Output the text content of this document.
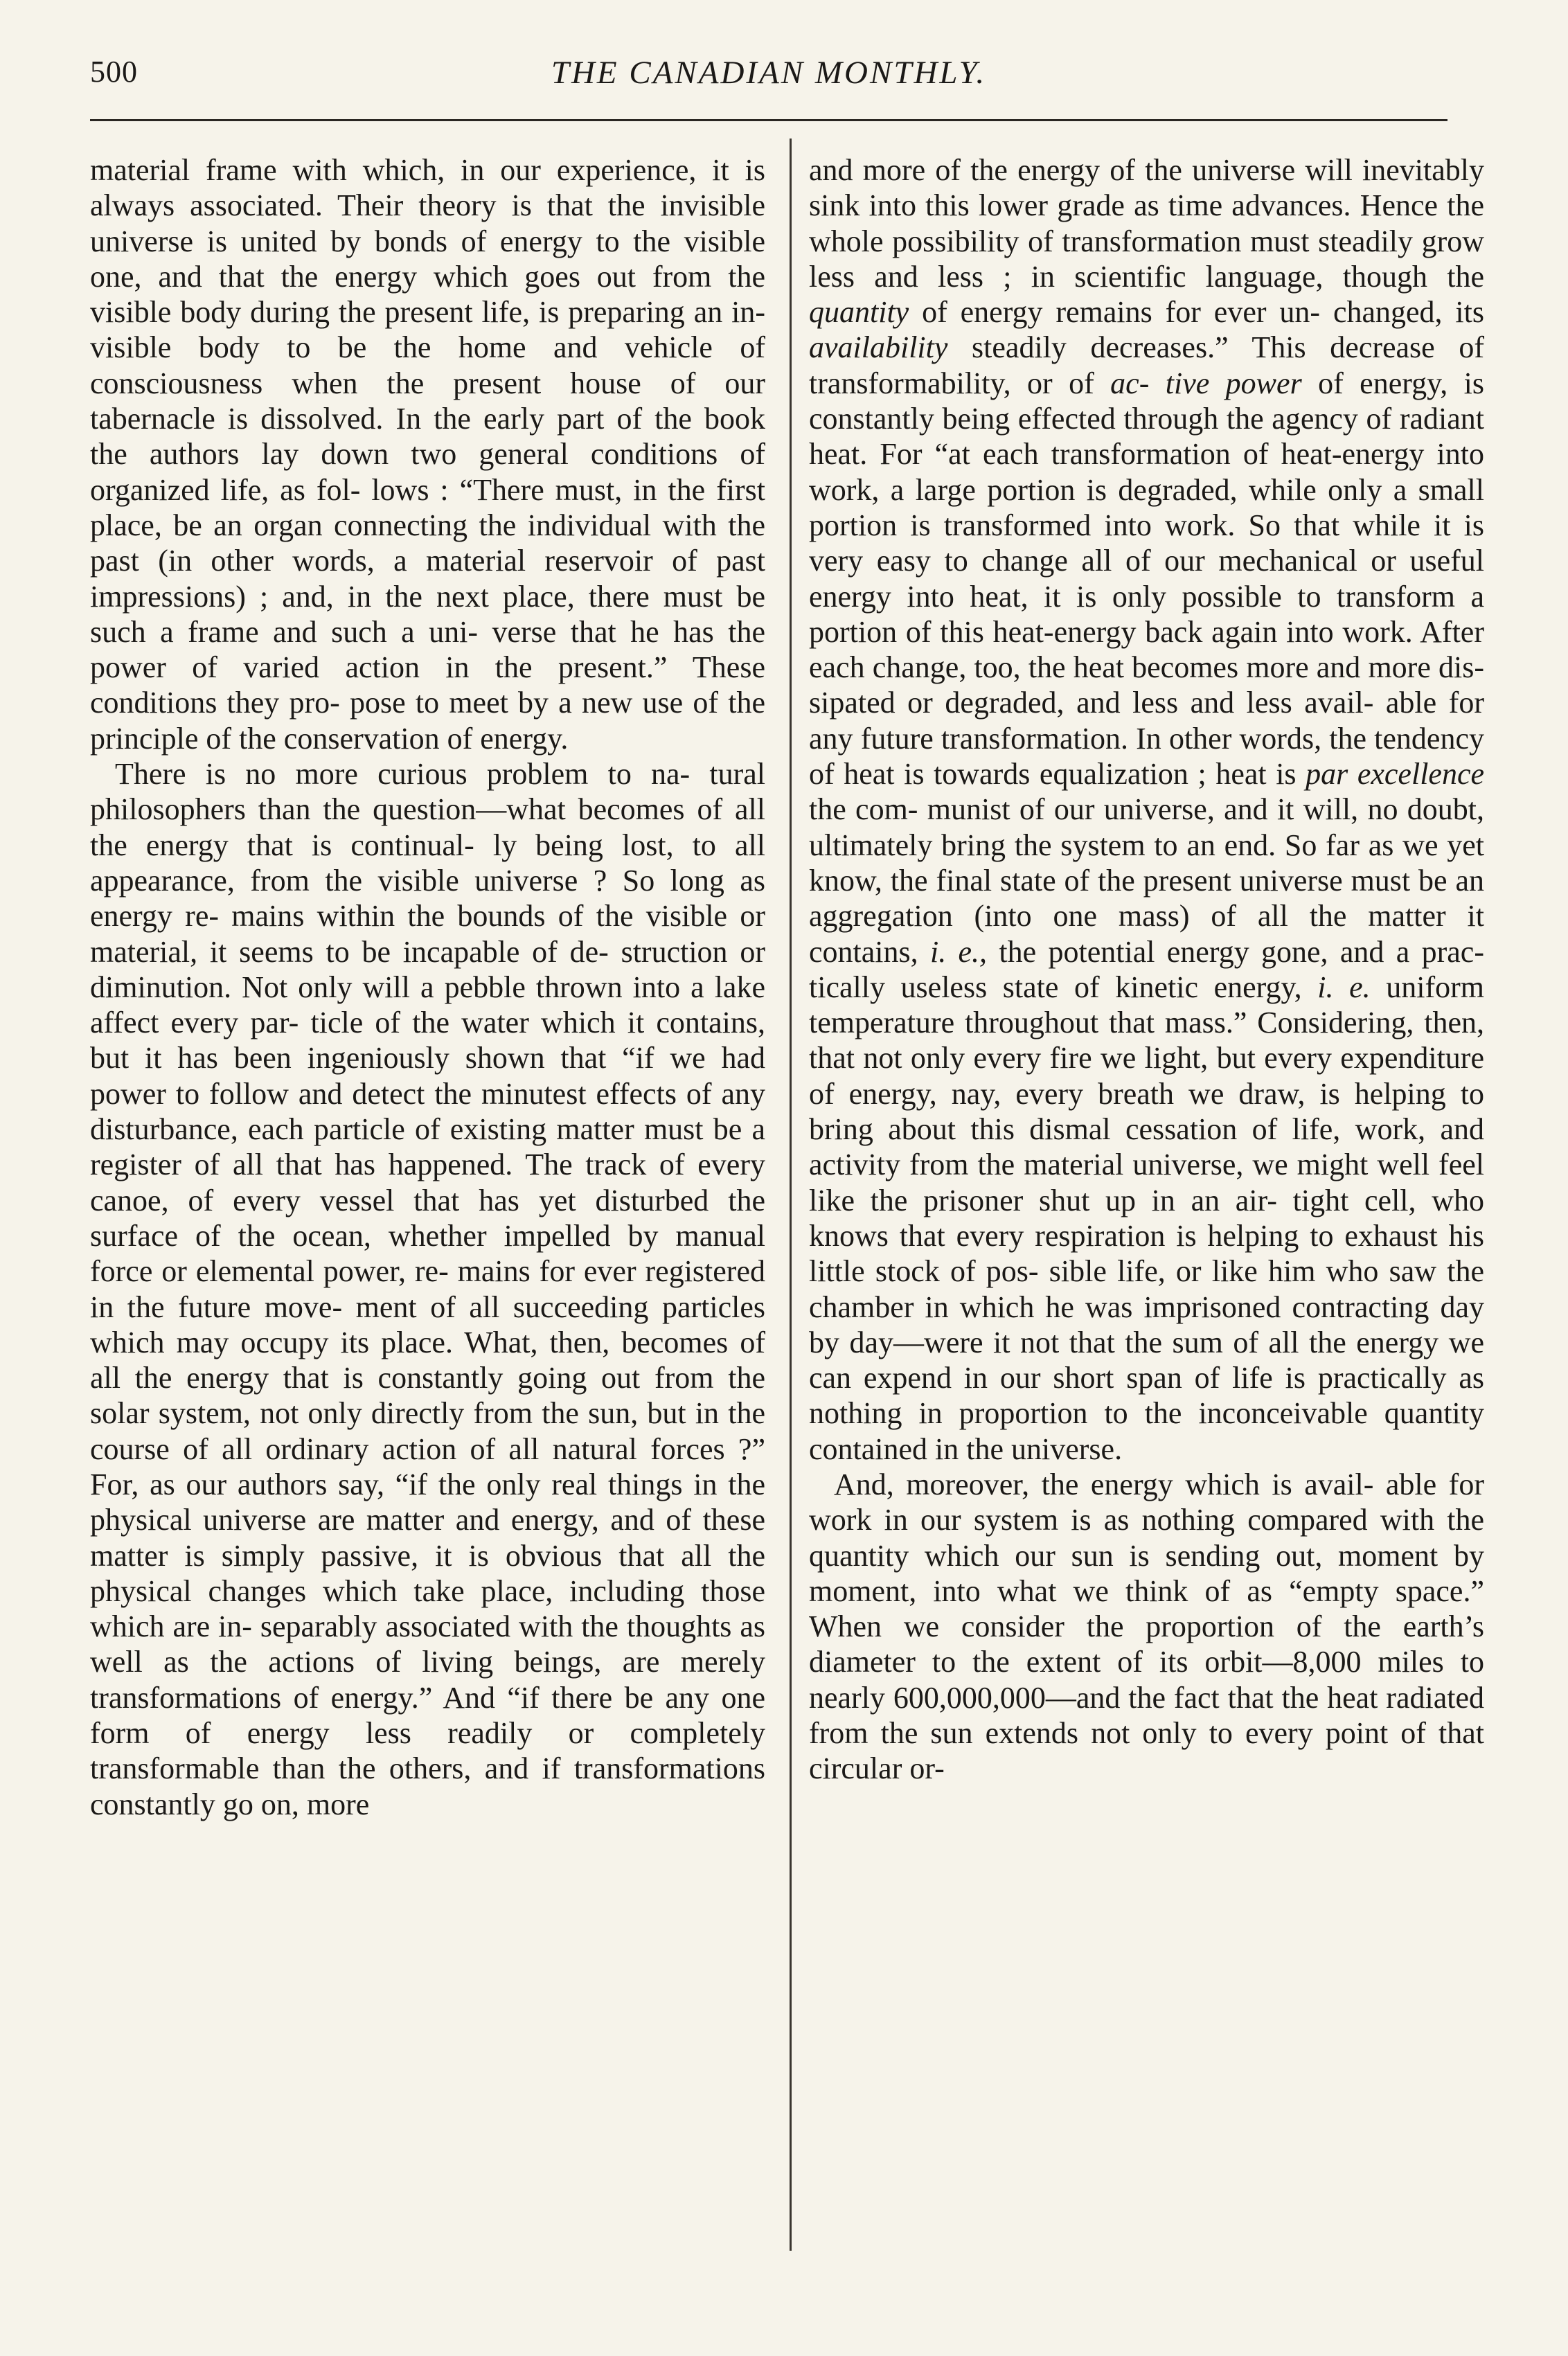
500	THE CANADIAN MONTHLY.

material frame with which, in our experience, it is always associated. Their theory is that the invisible universe is united by bonds of energy to the visible one, and that the energy which goes out from the visible body during the present life, is preparing an in- visible body to be the home and vehicle of consciousness when the present house of our tabernacle is dissolved. In the early part of the book the authors lay down two general conditions of organized life, as fol- lows : “There must, in the first place, be an organ connecting the individual with the past (in other words, a material reservoir of past impressions) ; and, in the next place, there must be such a frame and such a uni- verse that he has the power of varied action in the present.” These conditions they pro- pose to meet by a new use of the principle of the conservation of energy.

There is no more curious problem to na- tural philosophers than the question—what becomes of all the energy that is continual- ly being lost, to all appearance, from the visible universe ? So long as energy re- mains within the bounds of the visible or material, it seems to be incapable of de- struction or diminution. Not only will a pebble thrown into a lake affect every par- ticle of the water which it contains, but it has been ingeniously shown that “if we had power to follow and detect the minutest effects of any disturbance, each particle of existing matter must be a register of all that has happened. The track of every canoe, of every vessel that has yet disturbed the surface of the ocean, whether impelled by manual force or elemental power, re- mains for ever registered in the future move- ment of all succeeding particles which may occupy its place. What, then, becomes of all the energy that is constantly going out from the solar system, not only directly from the sun, but in the course of all ordinary action of all natural forces ?” For, as our authors say, “if the only real things in the physical universe are matter and energy, and of these matter is simply passive, it is obvious that all the physical changes which take place, including those which are in- separably associated with the thoughts as well as the actions of living beings, are merely transformations of energy.” And “if there be any one form of energy less readily or completely transformable than the others, and if transformations constantly go on, more

and more of the energy of the universe will inevitably sink into this lower grade as time advances. Hence the whole possibility of transformation must steadily grow less and less ; in scientific language, though the quantity of energy remains for ever un- changed, its availability steadily decreases.” This decrease of transformability, or of ac- tive power of energy, is constantly being effected through the agency of radiant heat. For “at each transformation of heat-energy into work, a large portion is degraded, while only a small portion is transformed into work. So that while it is very easy to change all of our mechanical or useful energy into heat, it is only possible to transform a portion of this heat-energy back again into work. After each change, too, the heat becomes more and more dis- sipated or degraded, and less and less avail- able for any future transformation. In other words, the tendency of heat is towards equalization ; heat is par excellence the com- munist of our universe, and it will, no doubt, ultimately bring the system to an end. So far as we yet know, the final state of the present universe must be an aggregation (into one mass) of all the matter it contains, i. e., the potential energy gone, and a prac- tically useless state of kinetic energy, i. e. uniform temperature throughout that mass.” Considering, then, that not only every fire we light, but every expenditure of energy, nay, every breath we draw, is helping to bring about this dismal cessation of life, work, and activity from the material universe, we might well feel like the prisoner shut up in an air- tight cell, who knows that every respiration is helping to exhaust his little stock of pos- sible life, or like him who saw the chamber in which he was imprisoned contracting day by day—were it not that the sum of all the energy we can expend in our short span of life is practically as nothing in proportion to the inconceivable quantity contained in the universe.

And, moreover, the energy which is avail- able for work in our system is as nothing compared with the quantity which our sun is sending out, moment by moment, into what we think of as “empty space.” When we consider the proportion of the earth’s diameter to the extent of its orbit—8,000 miles to nearly 600,000,000—and the fact that the heat radiated from the sun extends not only to every point of that circular or-
